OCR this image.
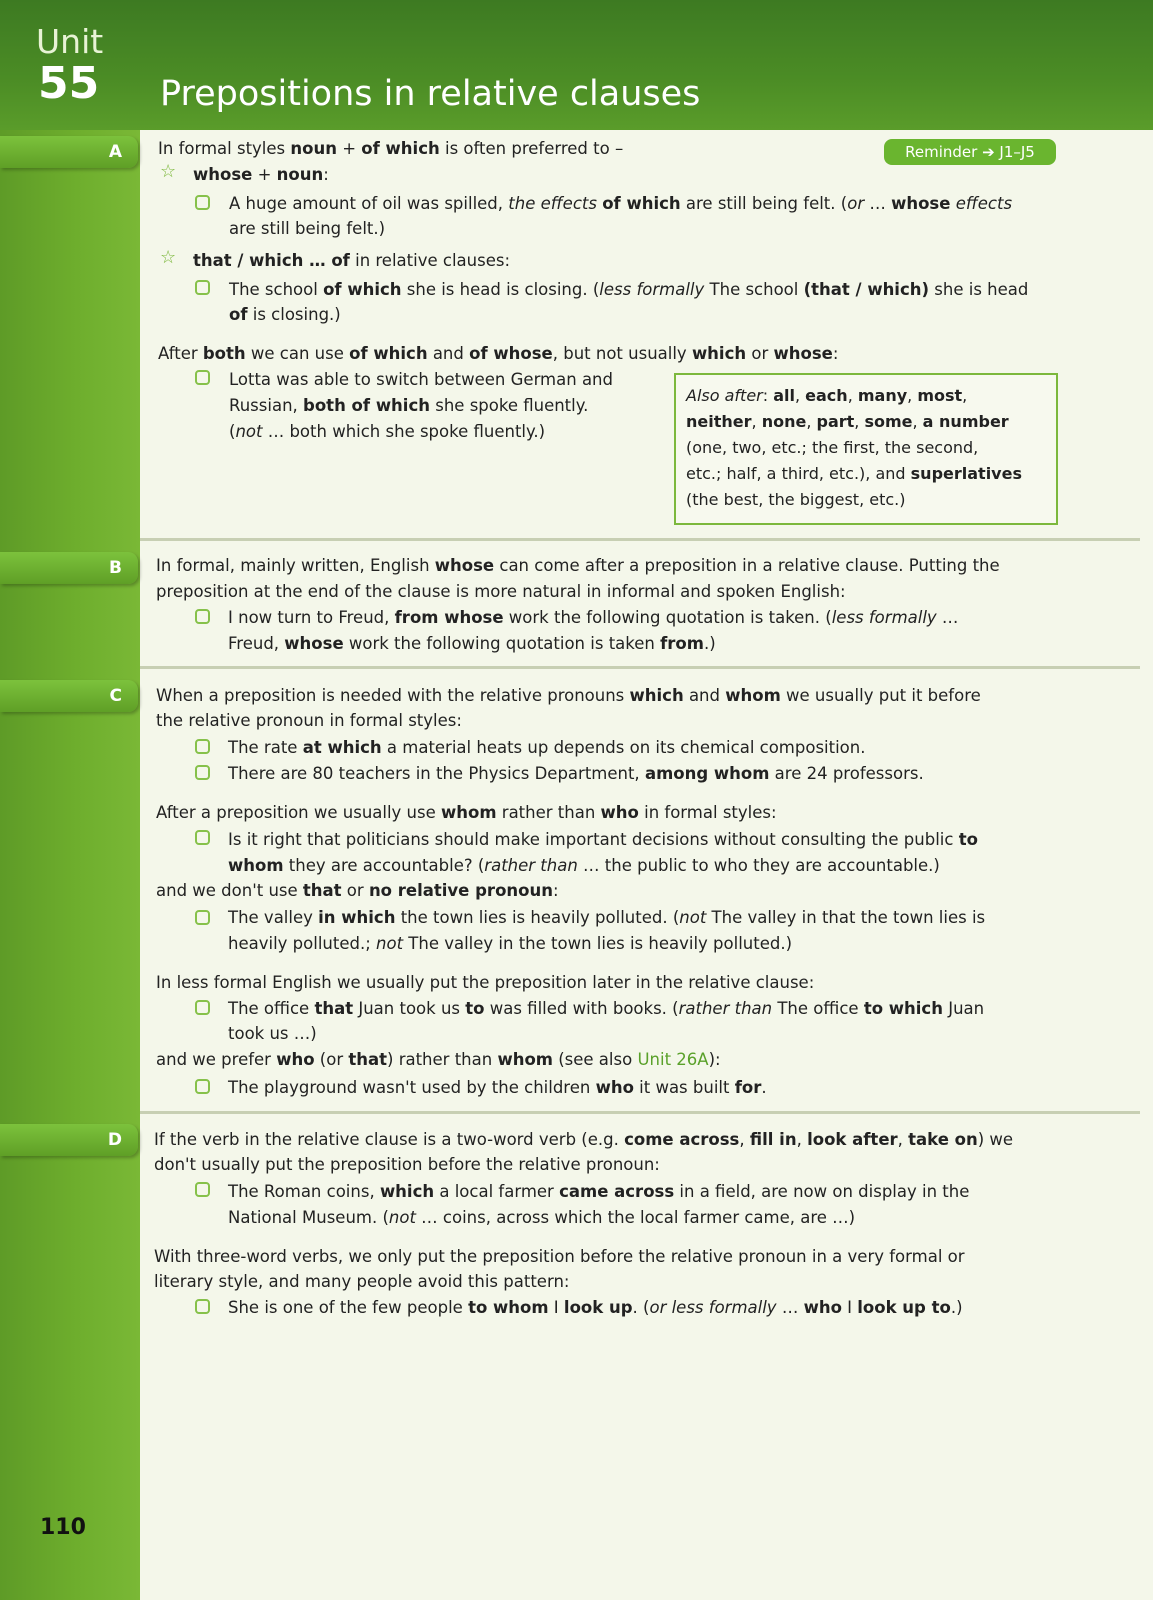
Unit
55 Prepositions in relative clauses
A In formal styles noun + of which is often preferred to –	Reminder ➔ J1–J5
☆ whose + noun:
A huge amount of oil was spilled, the effects of which are still being felt. (or … whose effects
are still being felt.)
☆ that / which … of in relative clauses:
The school of which she is head is closing. (less formally The school (that / which) she is head
of is closing.)
After both we can use of which and of whose, but not usually which or whose:
Lotta was able to switch between German and
Russian, both of which she spoke fluently.
(not … both which she spoke fluently.)
Also after: all, each, many, most,
neither, none, part, some, a number
(one, two, etc.; the first, the second,
etc.; half, a third, etc.), and superlatives
(the best, the biggest, etc.)
B In formal, mainly written, English whose can come after a preposition in a relative clause. Putting the
preposition at the end of the clause is more natural in informal and spoken English:
I now turn to Freud, from whose work the following quotation is taken. (less formally …
Freud, whose work the following quotation is taken from.)
C When a preposition is needed with the relative pronouns which and whom we usually put it before
the relative pronoun in formal styles:
The rate at which a material heats up depends on its chemical composition.
There are 80 teachers in the Physics Department, among whom are 24 professors.
After a preposition we usually use whom rather than who in formal styles:
Is it right that politicians should make important decisions without consulting the public to
whom they are accountable? (rather than … the public to who they are accountable.)
and we don't use that or no relative pronoun:
The valley in which the town lies is heavily polluted. (not The valley in that the town lies is
heavily polluted.; not The valley in the town lies is heavily polluted.)
In less formal English we usually put the preposition later in the relative clause:
The office that Juan took us to was filled with books. (rather than The office to which Juan
took us …)
and we prefer who (or that) rather than whom (see also Unit 26A):
The playground wasn't used by the children who it was built for.
D If the verb in the relative clause is a two-word verb (e.g. come across, fill in, look after, take on) we
don't usually put the preposition before the relative pronoun:
The Roman coins, which a local farmer came across in a field, are now on display in the
National Museum. (not … coins, across which the local farmer came, are …)
With three-word verbs, we only put the preposition before the relative pronoun in a very formal or
literary style, and many people avoid this pattern:
She is one of the few people to whom I look up. (or less formally … who I look up to.)
110
